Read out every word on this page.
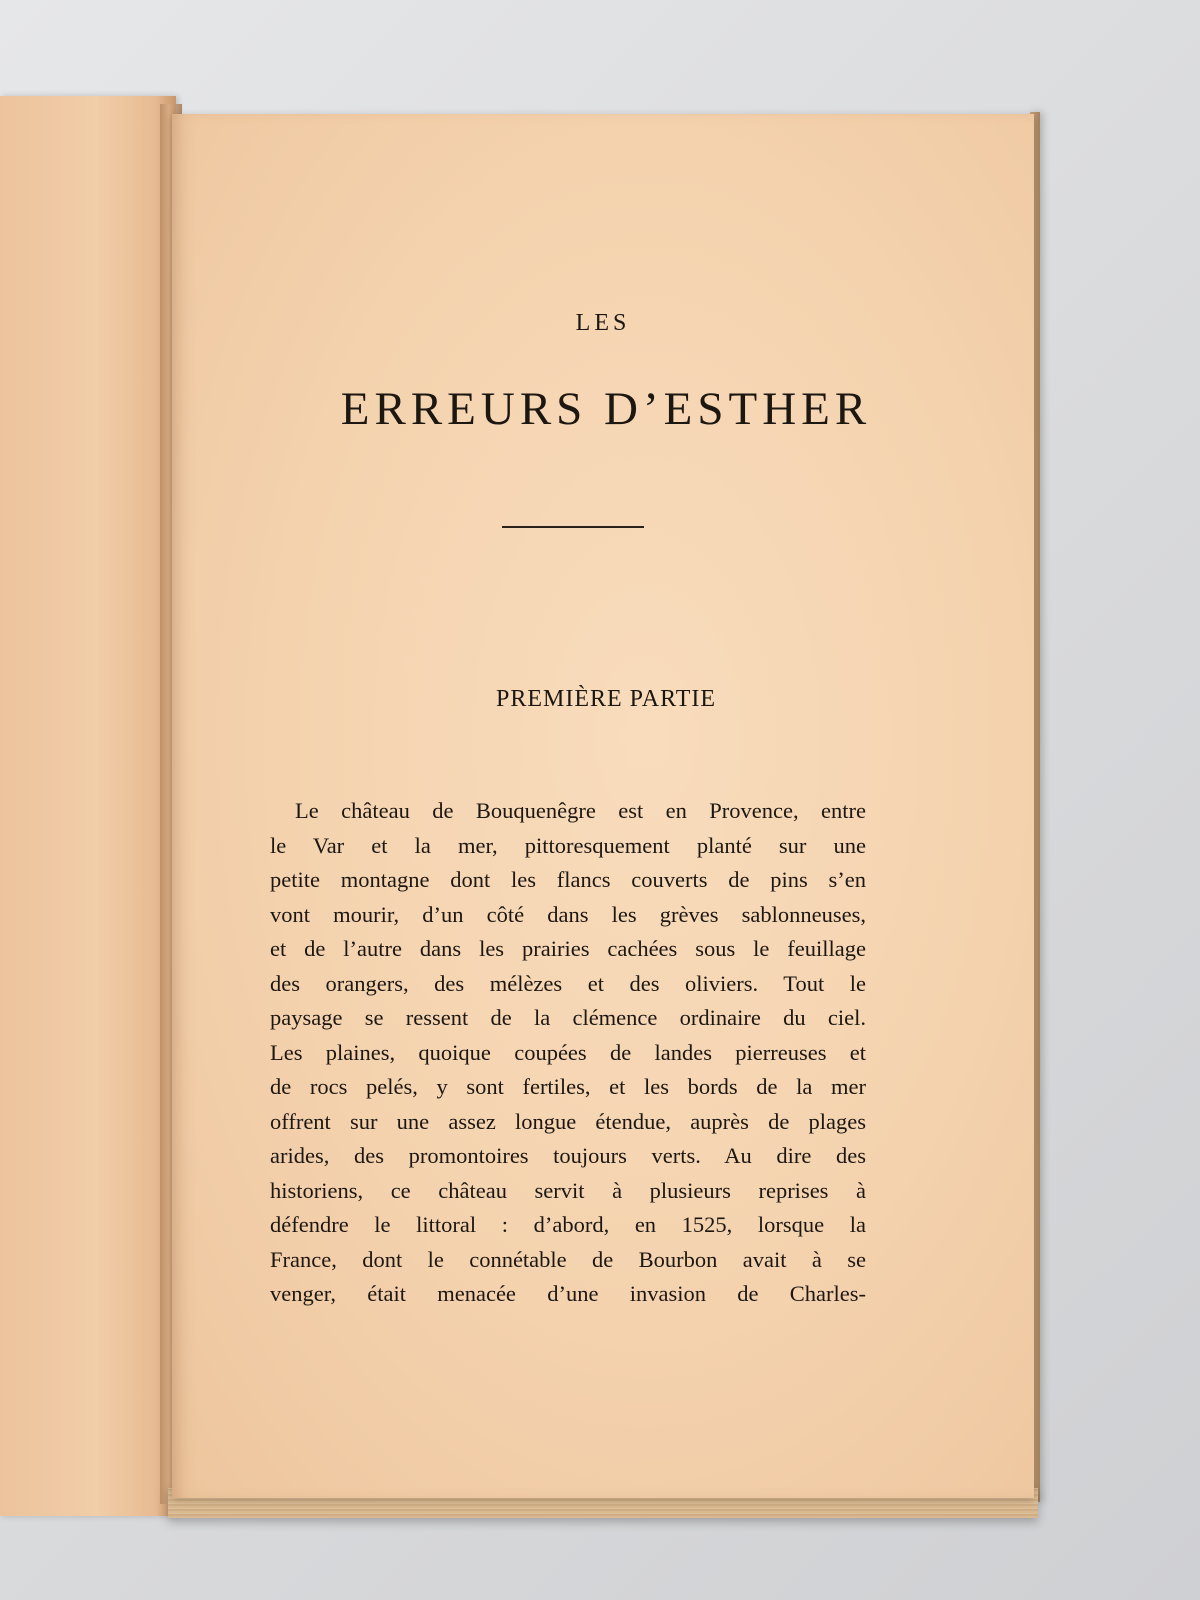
LES
ERREURS D’ESTHER
PREMIÈRE PARTIE
Le château de Bouquenêgre est en Provence, entre
le Var et la mer, pittoresquement planté sur une
petite montagne dont les flancs couverts de pins s’en
vont mourir, d’un côté dans les grèves sablonneuses,
et de l’autre dans les prairies cachées sous le feuillage
des orangers, des mélèzes et des oliviers. Tout le
paysage se ressent de la clémence ordinaire du ciel.
Les plaines, quoique coupées de landes pierreuses et
de rocs pelés, y sont fertiles, et les bords de la mer
offrent sur une assez longue étendue, auprès de plages
arides, des promontoires toujours verts. Au dire des
historiens, ce château servit à plusieurs reprises à
défendre le littoral : d’abord, en 1525, lorsque la
France, dont le connétable de Bourbon avait à se
venger, était menacée d’une invasion de Charles-
